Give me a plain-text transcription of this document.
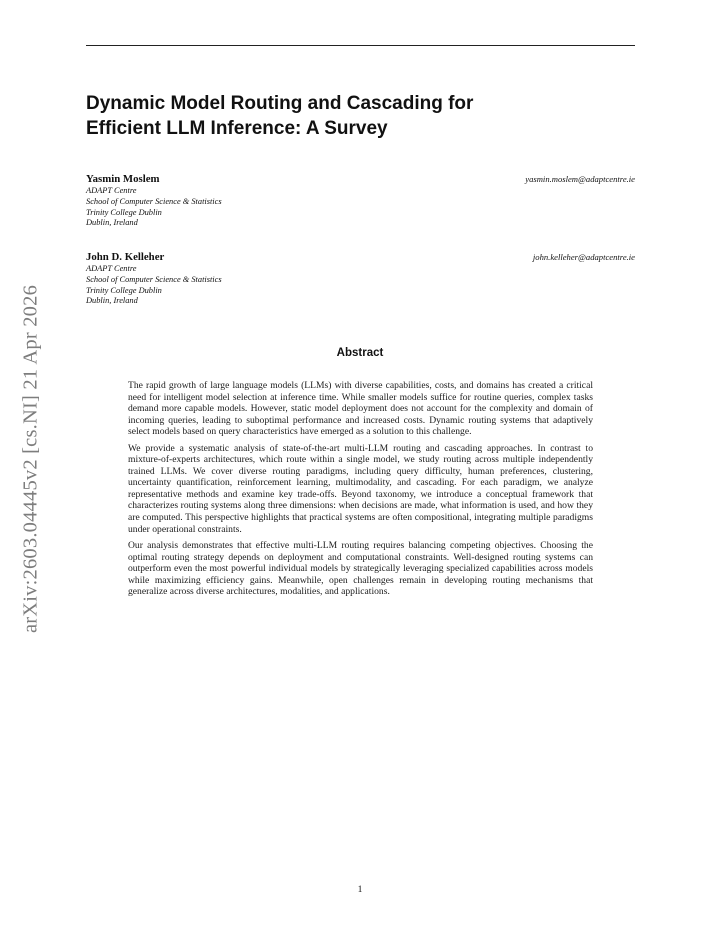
Dynamic Model Routing and Cascading for
Efficient LLM Inference: A Survey
Yasmin Moslem	yasmin.moslem@adaptcentre.ie
ADAPT Centre
School of Computer Science & Statistics
Trinity College Dublin
Dublin, Ireland
John D. Kelleher	john.kelleher@adaptcentre.ie
ADAPT Centre
School of Computer Science & Statistics
Trinity College Dublin
Dublin, Ireland
Abstract

The rapid growth of large language models (LLMs) with diverse capabilities, costs, and domains has created a critical need for intelligent model selection at inference time. While smaller models suffice for routine queries, complex tasks demand more capable models. However, static model deployment does not account for the complexity and domain of incoming queries, leading to suboptimal performance and increased costs. Dynamic routing systems that adaptively select models based on query characteristics have emerged as a solution to this challenge.

We provide a systematic analysis of state-of-the-art multi-LLM routing and cascading approaches. In contrast to mixture-of-experts architectures, which route within a single model, we study routing across multiple independently trained LLMs. We cover diverse routing paradigms, including query difficulty, human preferences, clustering, uncertainty quantification, reinforcement learning, multimodality, and cascading. For each paradigm, we analyze representative methods and examine key trade-offs. Beyond taxonomy, we introduce a conceptual framework that characterizes routing systems along three dimensions: when decisions are made, what information is used, and how they are computed. This perspective highlights that practical systems are often compositional, integrating multiple paradigms under operational constraints.

Our analysis demonstrates that effective multi-LLM routing requires balancing competing objectives. Choosing the optimal routing strategy depends on deployment and computational constraints. Well-designed routing systems can outperform even the most powerful individual models by strategically leveraging specialized capabilities across models while maximizing efficiency gains. Meanwhile, open challenges remain in developing routing mechanisms that generalize across diverse architectures, modalities, and applications.

arXiv:2603.04445v2 [cs.NI] 21 Apr 2026
1
